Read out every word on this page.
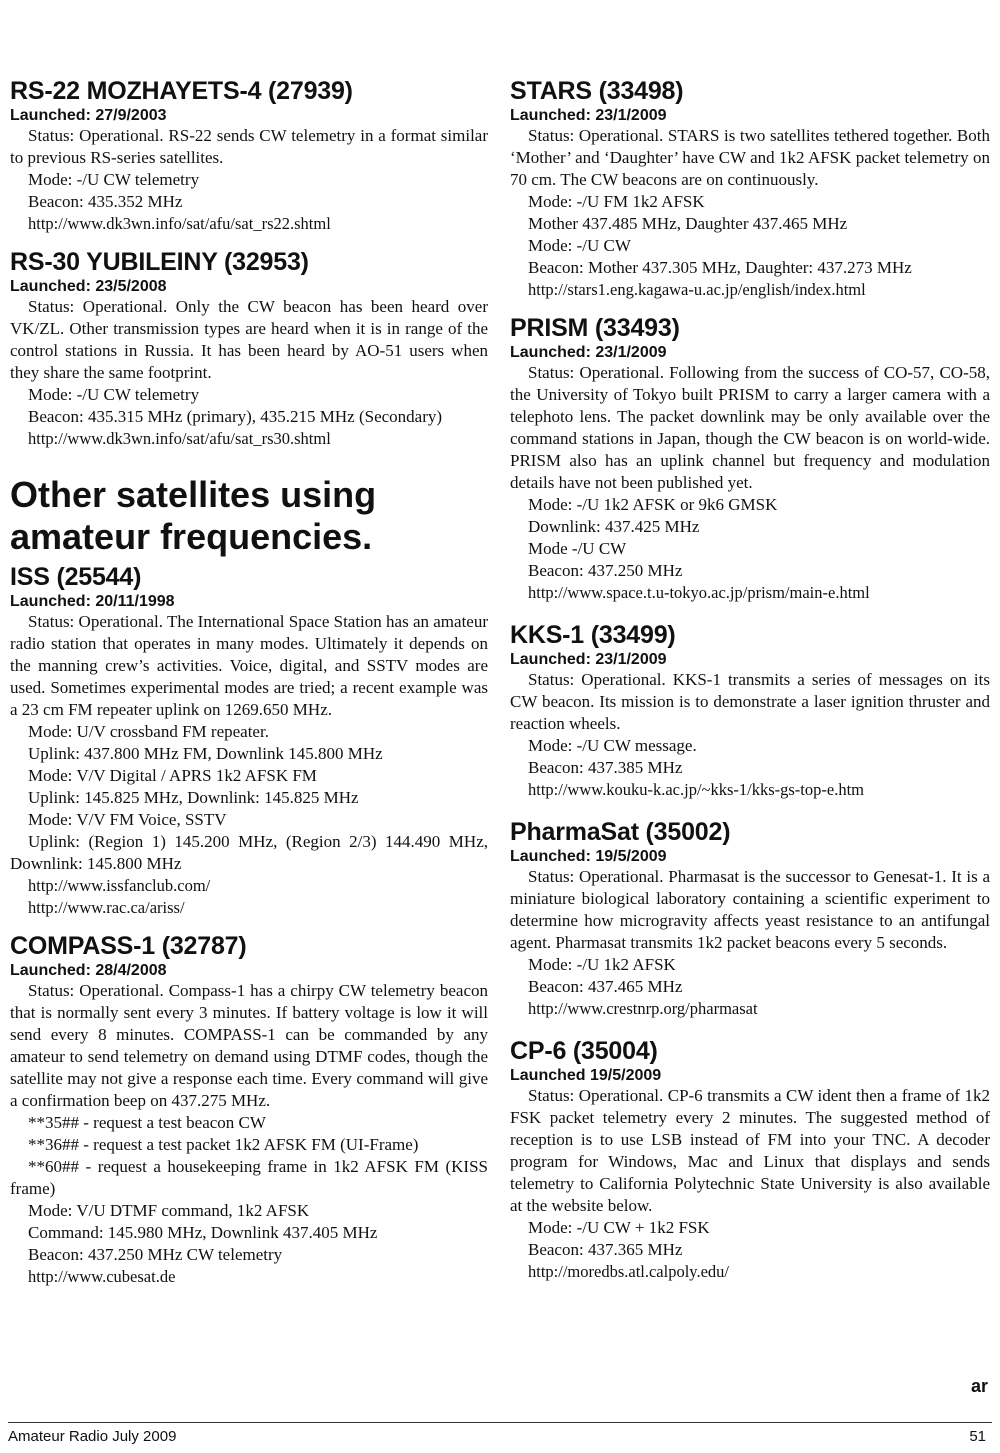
RS-22 MOZHAYETS-4 (27939)

Launched: 27/9/2003

Status: Operational. RS-22 sends CW telemetry in a format similar to previous RS-series satellites.

Mode: -/U CW telemetry

Beacon: 435.352 MHz

http://www.dk3wn.info/sat/afu/sat_rs22.shtml

RS-30 YUBILEINY (32953)

Launched: 23/5/2008

Status: Operational. Only the CW beacon has been heard over VK/ZL. Other transmission types are heard when it is in range of the control stations in Russia. It has been heard by AO-51 users when they share the same footprint.

Mode: -/U CW telemetry

Beacon: 435.315 MHz (primary), 435.215 MHz (Secondary)

http://www.dk3wn.info/sat/afu/sat_rs30.shtml

Other satellites using amateur frequencies.
ISS (25544)

Launched: 20/11/1998

Status: Operational. The International Space Station has an amateur radio station that operates in many modes. Ultimately it depends on the manning crew’s activities. Voice, digital, and SSTV modes are used. Sometimes experimental modes are tried; a recent example was a 23 cm FM repeater uplink on 1269.650 MHz.

Mode: U/V crossband FM repeater.

Uplink: 437.800 MHz FM, Downlink 145.800 MHz

Mode: V/V Digital / APRS 1k2 AFSK FM

Uplink: 145.825 MHz, Downlink: 145.825 MHz

Mode: V/V FM Voice, SSTV

Uplink: (Region 1) 145.200 MHz, (Region 2/3) 144.490 MHz, Downlink: 145.800 MHz

http://www.issfanclub.com/

http://www.rac.ca/ariss/

COMPASS-1 (32787)

Launched: 28/4/2008

Status: Operational. Compass-1 has a chirpy CW telemetry beacon that is normally sent every 3 minutes. If battery voltage is low it will send every 8 minutes. COMPASS-1 can be commanded by any amateur to send telemetry on demand using DTMF codes, though the satellite may not give a response each time. Every command will give a confirmation beep on 437.275 MHz.

**35## - request a test beacon CW

**36## - request a test packet 1k2 AFSK FM (UI-Frame)

**60## - request a housekeeping frame in 1k2 AFSK FM (KISS frame)

Mode: V/U DTMF command, 1k2 AFSK

Command: 145.980 MHz, Downlink 437.405 MHz

Beacon: 437.250 MHz CW telemetry

http://www.cubesat.de

STARS (33498)

Launched: 23/1/2009

Status: Operational. STARS is two satellites tethered together. Both ‘Mother’ and ‘Daughter’ have CW and 1k2 AFSK packet telemetry on 70 cm. The CW beacons are on continuously.

Mode: -/U FM 1k2 AFSK

Mother 437.485 MHz, Daughter 437.465 MHz

Mode: -/U CW

Beacon: Mother 437.305 MHz, Daughter: 437.273 MHz

http://stars1.eng.kagawa-u.ac.jp/english/index.html

PRISM (33493)

Launched: 23/1/2009

Status: Operational. Following from the success of CO-57, CO-58, the University of Tokyo built PRISM to carry a larger camera with a telephoto lens. The packet downlink may be only available over the command stations in Japan, though the CW beacon is on world-wide. PRISM also has an uplink channel but frequency and modulation details have not been published yet.

Mode: -/U 1k2 AFSK or 9k6 GMSK

Downlink: 437.425 MHz

Mode -/U CW

Beacon: 437.250 MHz

http://www.space.t.u-tokyo.ac.jp/prism/main-e.html

KKS-1 (33499)

Launched: 23/1/2009

Status: Operational. KKS-1 transmits a series of messages on its CW beacon. Its mission is to demonstrate a laser ignition thruster and reaction wheels.

Mode: -/U CW message.

Beacon: 437.385 MHz

http://www.kouku-k.ac.jp/~kks-1/kks-gs-top-e.htm

PharmaSat (35002)

Launched: 19/5/2009

Status: Operational. Pharmasat is the successor to Genesat-1. It is a miniature biological laboratory containing a scientific experiment to determine how microgravity affects yeast resistance to an antifungal agent. Pharmasat transmits 1k2 packet beacons every 5 seconds.

Mode: -/U 1k2 AFSK

Beacon: 437.465 MHz

http://www.crestnrp.org/pharmasat

CP-6 (35004)

Launched 19/5/2009

Status: Operational. CP-6 transmits a CW ident then a frame of 1k2 FSK packet telemetry every 2 minutes. The suggested method of reception is to use LSB instead of FM into your TNC. A decoder program for Windows, Mac and Linux that displays and sends telemetry to California Polytechnic State University is also available at the website below.

Mode: -/U CW + 1k2 FSK

Beacon: 437.365 MHz

http://moredbs.atl.calpoly.edu/

ar
Amateur Radio July 2009	51
